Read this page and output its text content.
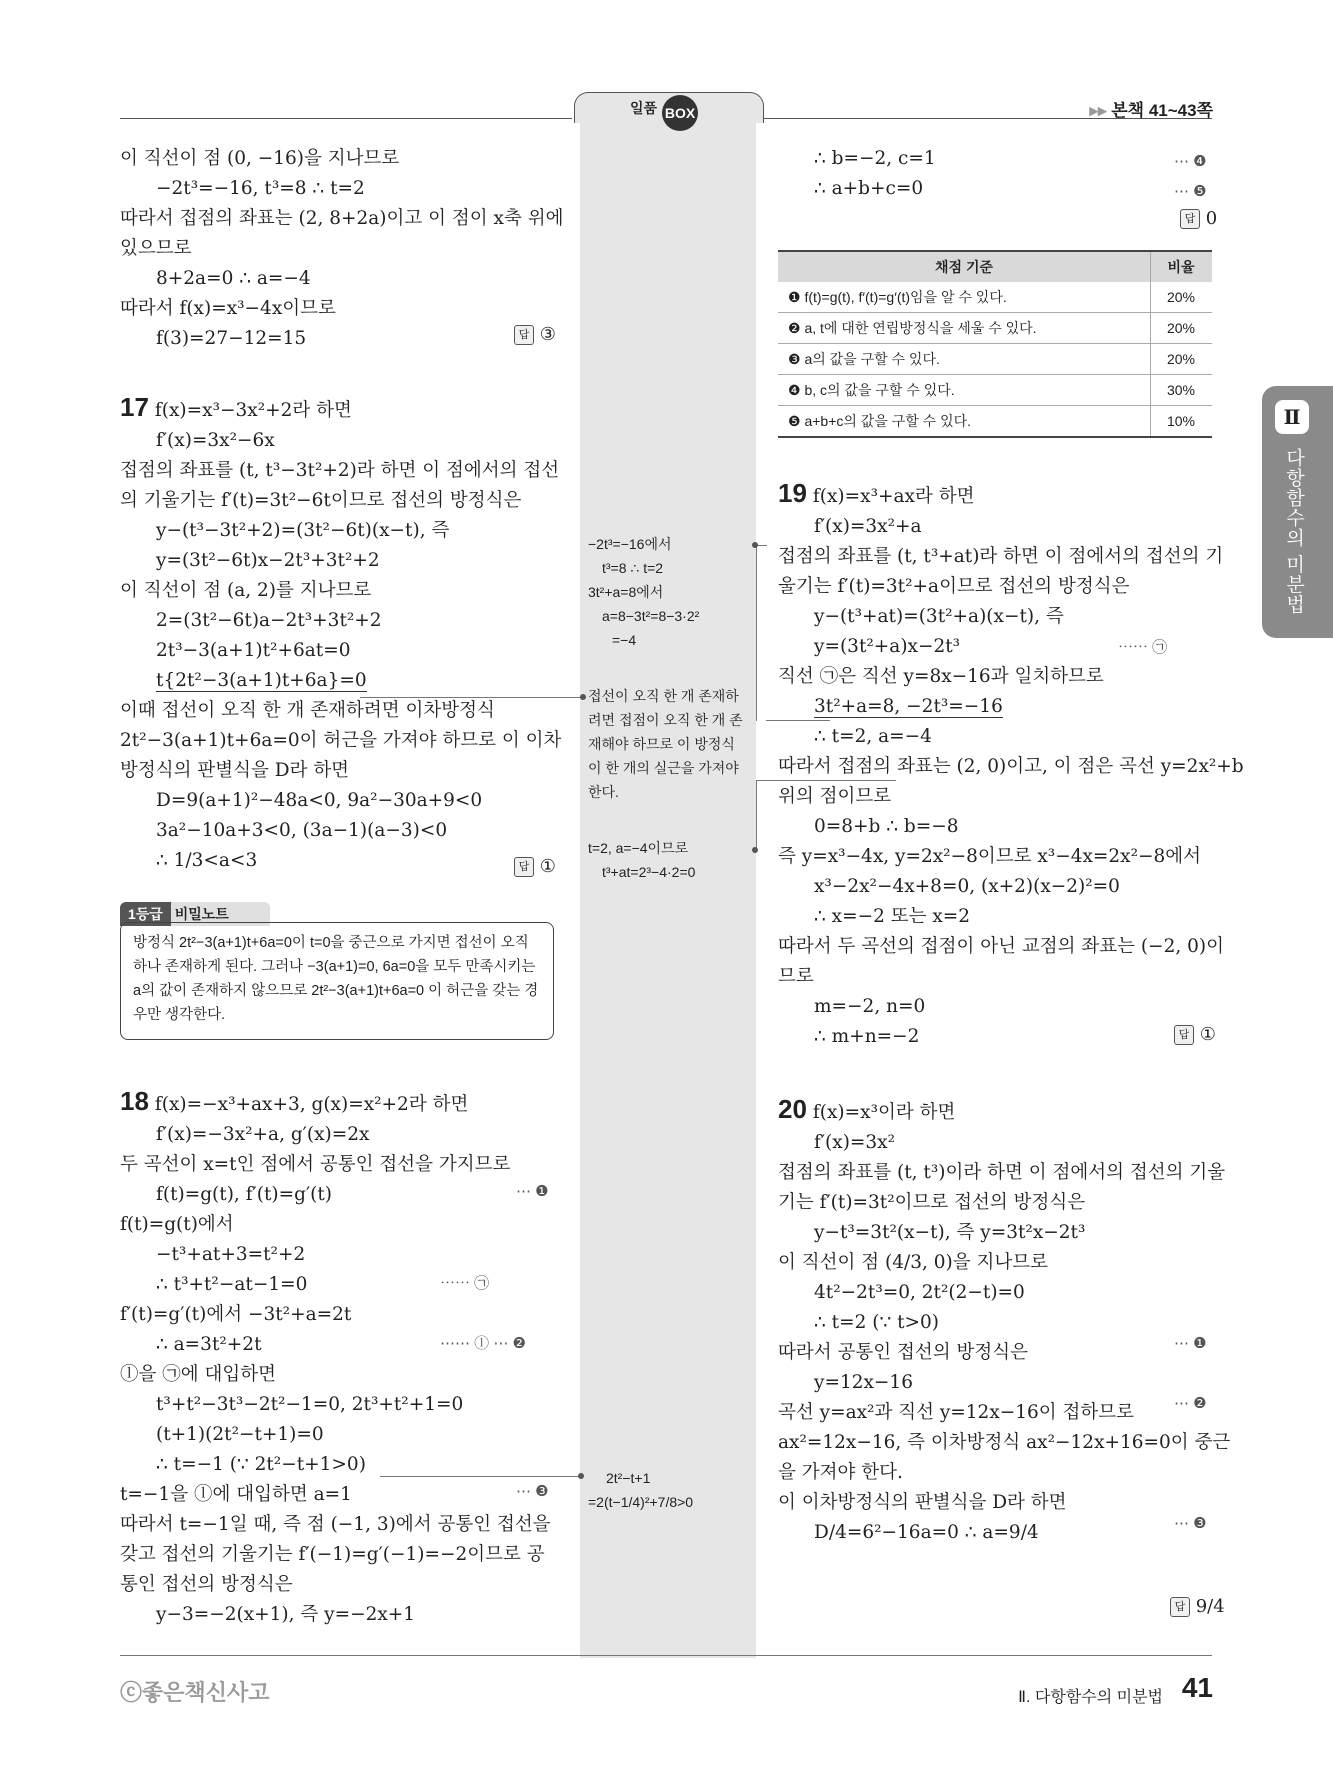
일품 BOX	▸▸ 본책 41~43쪽
이 직선이 점 (0, −16)을 지나므로
−2t³=−16, t³=8 ∴ t=2
따라서 접점의 좌표는 (2, 8+2a)이고 이 점이 x축 위에
있으므로
8+2a=0 ∴ a=−4
따라서 f(x)=x³−4x이므로
f(3)=27−12=15	답 ③
17 f(x)=x³−3x²+2라 하면
f′(x)=3x²−6x
접점의 좌표를 (t, t³−3t²+2)라 하면 이 점에서의 접선
의 기울기는 f′(t)=3t²−6t이므로 접선의 방정식은
y−(t³−3t²+2)=(3t²−6t)(x−t), 즉
y=(3t²−6t)x−2t³+3t²+2
이 직선이 점 (a, 2)를 지나므로
2=(3t²−6t)a−2t³+3t²+2
2t³−3(a+1)t²+6at=0
t{2t²−3(a+1)t+6a}=0
이때 접선이 오직 한 개 존재하려면 이차방정식
2t²−3(a+1)t+6a=0이 허근을 가져야 하므로 이 이차
방정식의 판별식을 D라 하면
D=9(a+1)²−48a<0, 9a²−30a+9<0
3a²−10a+3<0, (3a−1)(a−3)<0
∴ 1/3<a<3	답 ①
1등급 비밀노트
방정식 2t²−3(a+1)t+6a=0이 t=0을 중근으로 가지면 접선이 오직 하나 존재하게 된다. 그러나 −3(a+1)=0, 6a=0을 모두 만족시키는 a의 값이 존재하지 않으므로 2t²−3(a+1)t+6a=0 이 허근을 갖는 경우만 생각한다.
18 f(x)=−x³+ax+3, g(x)=x²+2라 하면
f′(x)=−3x²+a, g′(x)=2x
두 곡선이 x=t인 점에서 공통인 접선을 가지므로
f(t)=g(t), f′(t)=g′(t)
f(t)=g(t)에서
−t³+at+3=t²+2
∴ t³+t²−at−1=0
f′(t)=g′(t)에서 −3t²+a=2t
∴ a=3t²+2t
ⓛ을 ㉠에 대입하면
t³+t²−3t³−2t²−1=0, 2t³+t²+1=0
(t+1)(2t²−t+1)=0
∴ t=−1 (∵ 2t²−t+1>0)
t=−1을 ⓛ에 대입하면 a=1
따라서 t=−1일 때, 즉 점 (−1, 3)에서 공통인 접선을
갖고 접선의 기울기는 f′(−1)=g′(−1)=−2이므로 공
통인 접선의 방정식은
y−3=−2(x+1), 즉 y=−2x+1
⋯ ❶
⋯⋯ ㉠
⋯⋯ ⓛ ⋯ ❷
⋯ ❸
−2t³=−16에서
t³=8 ∴ t=2
3t²+a=8에서
a=8−3t²=8−3·2²
=−4
접선이 오직 한 개 존재하
려면 접점이 오직 한 개 존
재해야 하므로 이 방정식
이 한 개의 실근을 가져야
한다.
t=2, a=−4이므로
t³+at=2³−4·2=0
2t²−t+1
=2(t−1/4)²+7/8>0
∴ b=−2, c=1
∴ a+b+c=0
⋯ ❹
⋯ ❺
답 0
채점 기준	비율
❶ f(t)=g(t), f′(t)=g′(t)임을 알 수 있다.	20%
❷ a, t에 대한 연립방정식을 세울 수 있다.	20%
❸ a의 값을 구할 수 있다.	20%
❹ b, c의 값을 구할 수 있다.	30%
❺ a+b+c의 값을 구할 수 있다.	10%
19 f(x)=x³+ax라 하면
f′(x)=3x²+a
접점의 좌표를 (t, t³+at)라 하면 이 점에서의 접선의 기
울기는 f′(t)=3t²+a이므로 접선의 방정식은
y−(t³+at)=(3t²+a)(x−t), 즉
y=(3t²+a)x−2t³
직선 ㉠은 직선 y=8x−16과 일치하므로
3t²+a=8, −2t³=−16
∴ t=2, a=−4
따라서 접점의 좌표는 (2, 0)이고, 이 점은 곡선 y=2x²+b
위의 점이므로
0=8+b ∴ b=−8
즉 y=x³−4x, y=2x²−8이므로 x³−4x=2x²−8에서
x³−2x²−4x+8=0, (x+2)(x−2)²=0
∴ x=−2 또는 x=2
따라서 두 곡선의 접점이 아닌 교점의 좌표는 (−2, 0)이
므로
m=−2, n=0
∴ m+n=−2
⋯⋯ ㉠
답 ①
20 f(x)=x³이라 하면
f′(x)=3x²
접점의 좌표를 (t, t³)이라 하면 이 점에서의 접선의 기울
기는 f′(t)=3t²이므로 접선의 방정식은
y−t³=3t²(x−t), 즉 y=3t²x−2t³
이 직선이 점 (4/3, 0)을 지나므로
4t²−2t³=0, 2t²(2−t)=0
∴ t=2 (∵ t>0)
따라서 공통인 접선의 방정식은
y=12x−16
곡선 y=ax²과 직선 y=12x−16이 접하므로
ax²=12x−16, 즉 이차방정식 ax²−12x+16=0이 중근
을 가져야 한다.
이 이차방정식의 판별식을 D라 하면
D/4=6²−16a=0 ∴ a=9/4
⋯ ❶
⋯ ❷
⋯ ❸
답 9/4
Ⅱ
다항함수의 미분법
ⓒ좋은책신사고	Ⅱ. 다항함수의 미분법 41
